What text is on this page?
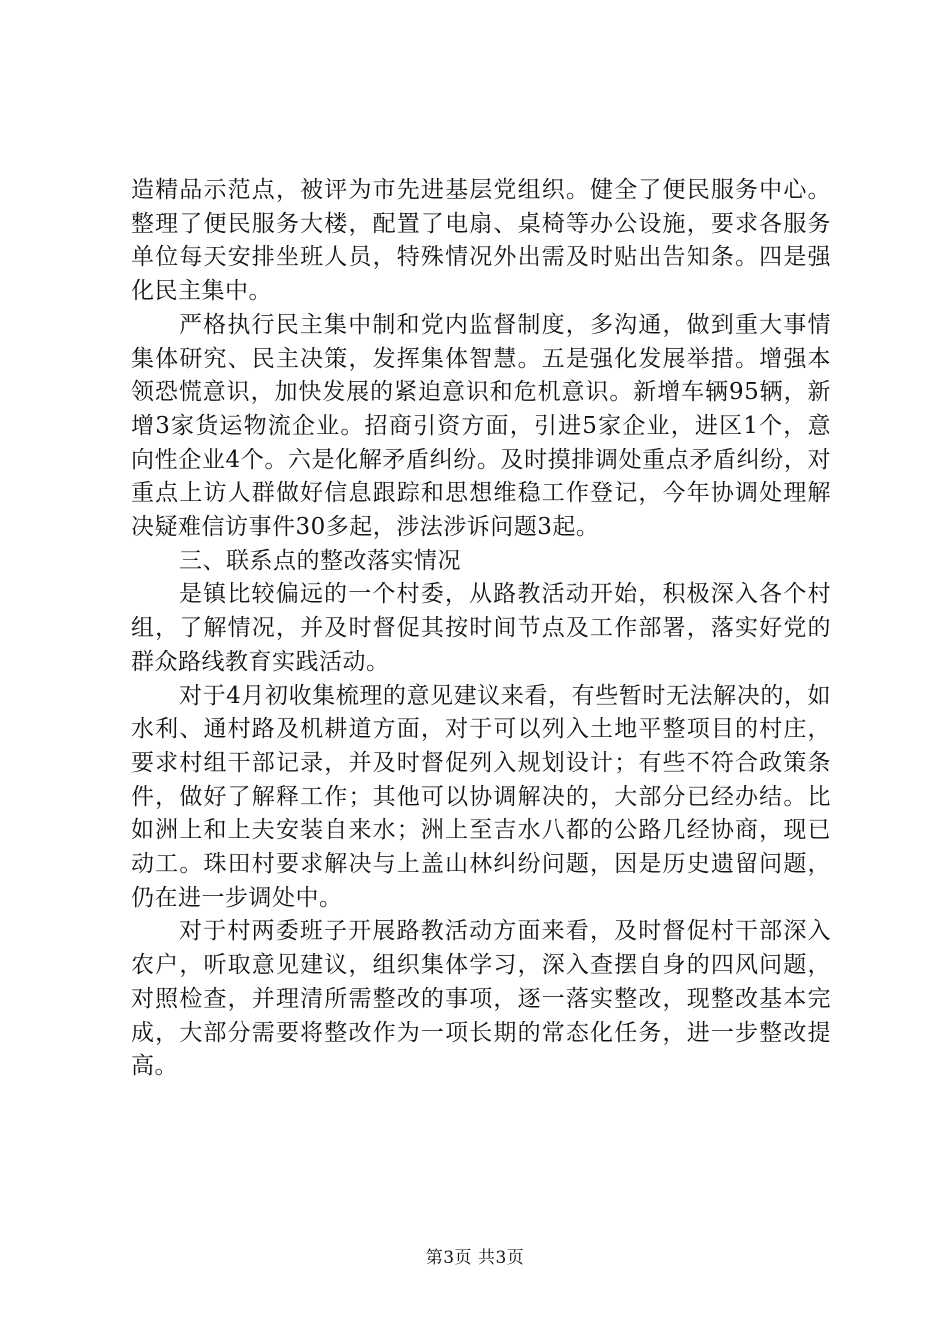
造精品示范点，被评为市先进基层党组织。健全了便民服务中心。整理了便民服务大楼，配置了电扇、桌椅等办公设施，要求各服务单位每天安排坐班人员，特殊情况外出需及时贴出告知条。四是强化民主集中。

严格执行民主集中制和党内监督制度，多沟通，做到重大事情集体研究、民主决策，发挥集体智慧。五是强化发展举措。增强本领恐慌意识，加快发展的紧迫意识和危机意识。新增车辆95辆，新增3家货运物流企业。招商引资方面，引进5家企业，进区1个，意向性企业4个。六是化解矛盾纠纷。及时摸排调处重点矛盾纠纷，对重点上访人群做好信息跟踪和思想维稳工作登记，今年协调处理解决疑难信访事件30多起，涉法涉诉问题3起。

三、联系点的整改落实情况

是镇比较偏远的一个村委，从路教活动开始，积极深入各个村组，了解情况，并及时督促其按时间节点及工作部署，落实好党的群众路线教育实践活动。

对于4月初收集梳理的意见建议来看，有些暂时无法解决的，如水利、通村路及机耕道方面，对于可以列入土地平整项目的村庄，要求村组干部记录，并及时督促列入规划设计；有些不符合政策条件，做好了解释工作；其他可以协调解决的，大部分已经办结。比如洲上和上夫安装自来水；洲上至吉水八都的公路几经协商，现已动工。珠田村要求解决与上盖山林纠纷问题，因是历史遗留问题，仍在进一步调处中。

对于村两委班子开展路教活动方面来看，及时督促村干部深入农户，听取意见建议，组织集体学习，深入查摆自身的四风问题，对照检查，并理清所需整改的事项，逐一落实整改，现整改基本完成，大部分需要将整改作为一项长期的常态化任务，进一步整改提高。

第3页 共3页
